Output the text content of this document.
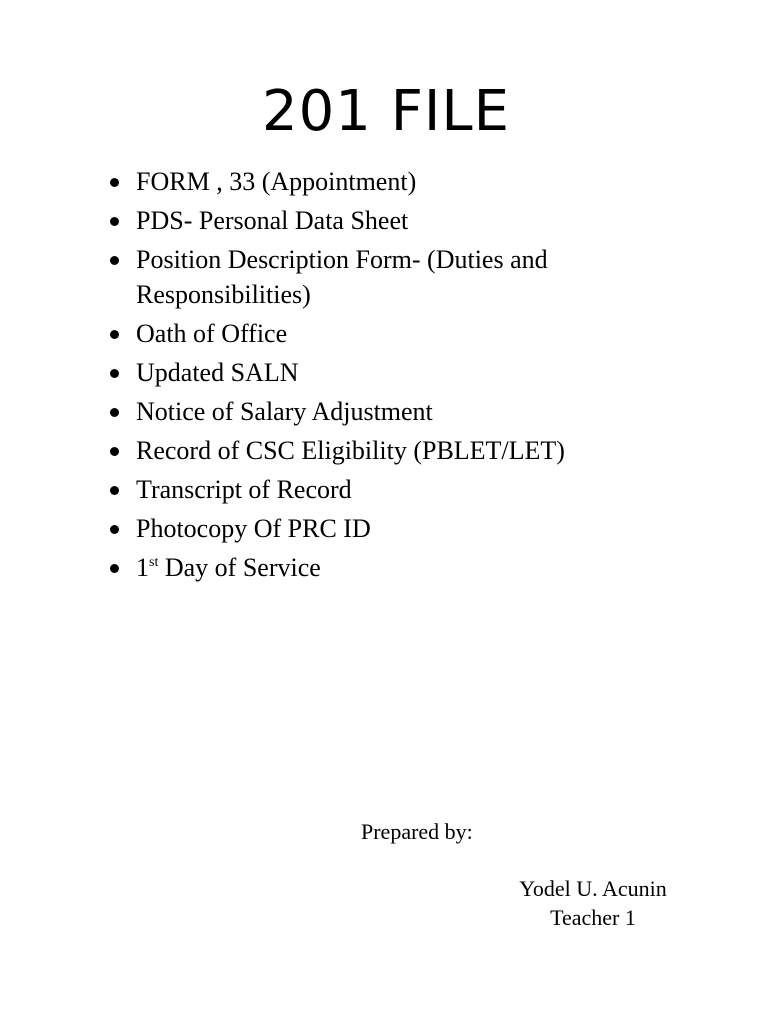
201 FILE
FORM , 33 (Appointment)
PDS- Personal Data Sheet
Position Description Form- (Duties and Responsibilities)
Oath of Office
Updated SALN
Notice of Salary Adjustment
Record of CSC Eligibility (PBLET/LET)
Transcript of Record
Photocopy Of PRC ID
1st Day of Service
Prepared by:
Yodel U. Acunin
Teacher 1
